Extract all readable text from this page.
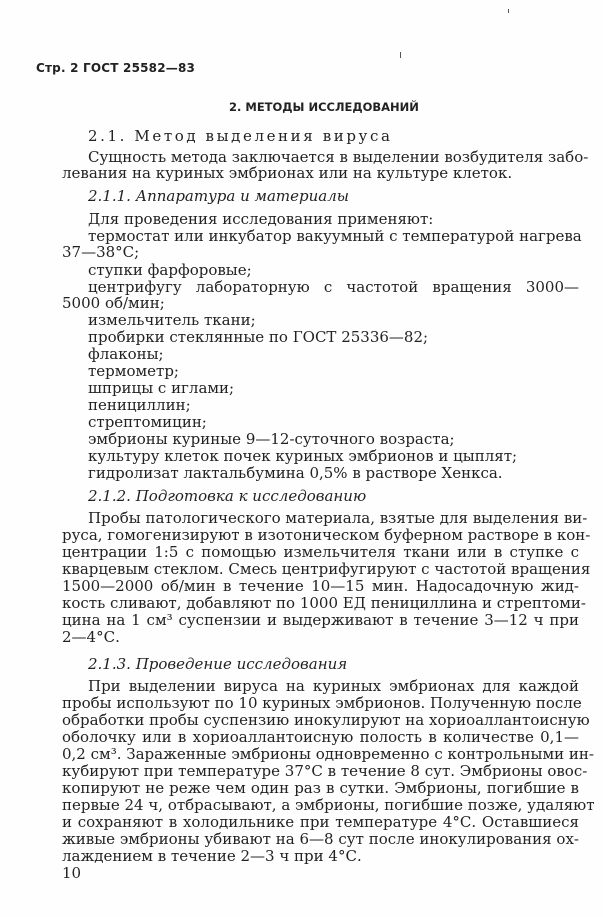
Стр. 2 ГОСТ 25582—83
2. МЕТОДЫ ИССЛЕДОВАНИЙ
2.1. Метод выделения вируса
Сущность метода заключается в выделении возбудителя забо-
левания на куриных эмбрионах или на культуре клеток.
2.1.1. Аппаратура и материалы
Для проведения исследования применяют:
термостат или инкубатор вакуумный с температурой нагрева
37—38°С;
ступки фарфоровые;
центрифугу лабораторную с частотой вращения 3000—
5000 об/мин;
измельчитель ткани;
пробирки стеклянные по ГОСТ 25336—82;
флаконы;
термометр;
шприцы с иглами;
пенициллин;
стрептомицин;
эмбрионы куриные 9—12-суточного возраста;
культуру клеток почек куриных эмбрионов и цыплят;
гидролизат лактальбумина 0,5% в растворе Хенкса.
2.1.2. Подготовка к исследованию
Пробы патологического материала, взятые для выделения ви-
руса, гомогенизируют в изотоническом буферном растворе в кон-
центрации 1:5 с помощью измельчителя ткани или в ступке с
кварцевым стеклом. Смесь центрифугируют с частотой вращения
1500—2000 об/мин в течение 10—15 мин. Надосадочную жид-
кость сливают, добавляют по 1000 ЕД пенициллина и стрептоми-
цина на 1 см³ суспензии и выдерживают в течение 3—12 ч при
2—4°С.
2.1.3. Проведение исследования
При выделении вируса на куриных эмбрионах для каждой
пробы используют по 10 куриных эмбрионов. Полученную после
обработки пробы суспензию инокулируют на хориоаллантоисную
оболочку или в хориоаллантоисную полость в количестве 0,1—
0,2 см³. Зараженные эмбрионы одновременно с контрольными ин-
кубируют при температуре 37°С в течение 8 сут. Эмбрионы овос-
копируют не реже чем один раз в сутки. Эмбрионы, погибшие в
первые 24 ч, отбрасывают, а эмбрионы, погибшие позже, удаляют
и сохраняют в холодильнике при температуре 4°С. Оставшиеся
живые эмбрионы убивают на 6—8 сут после инокулирования ох-
лаждением в течение 2—3 ч при 4°С.
10
